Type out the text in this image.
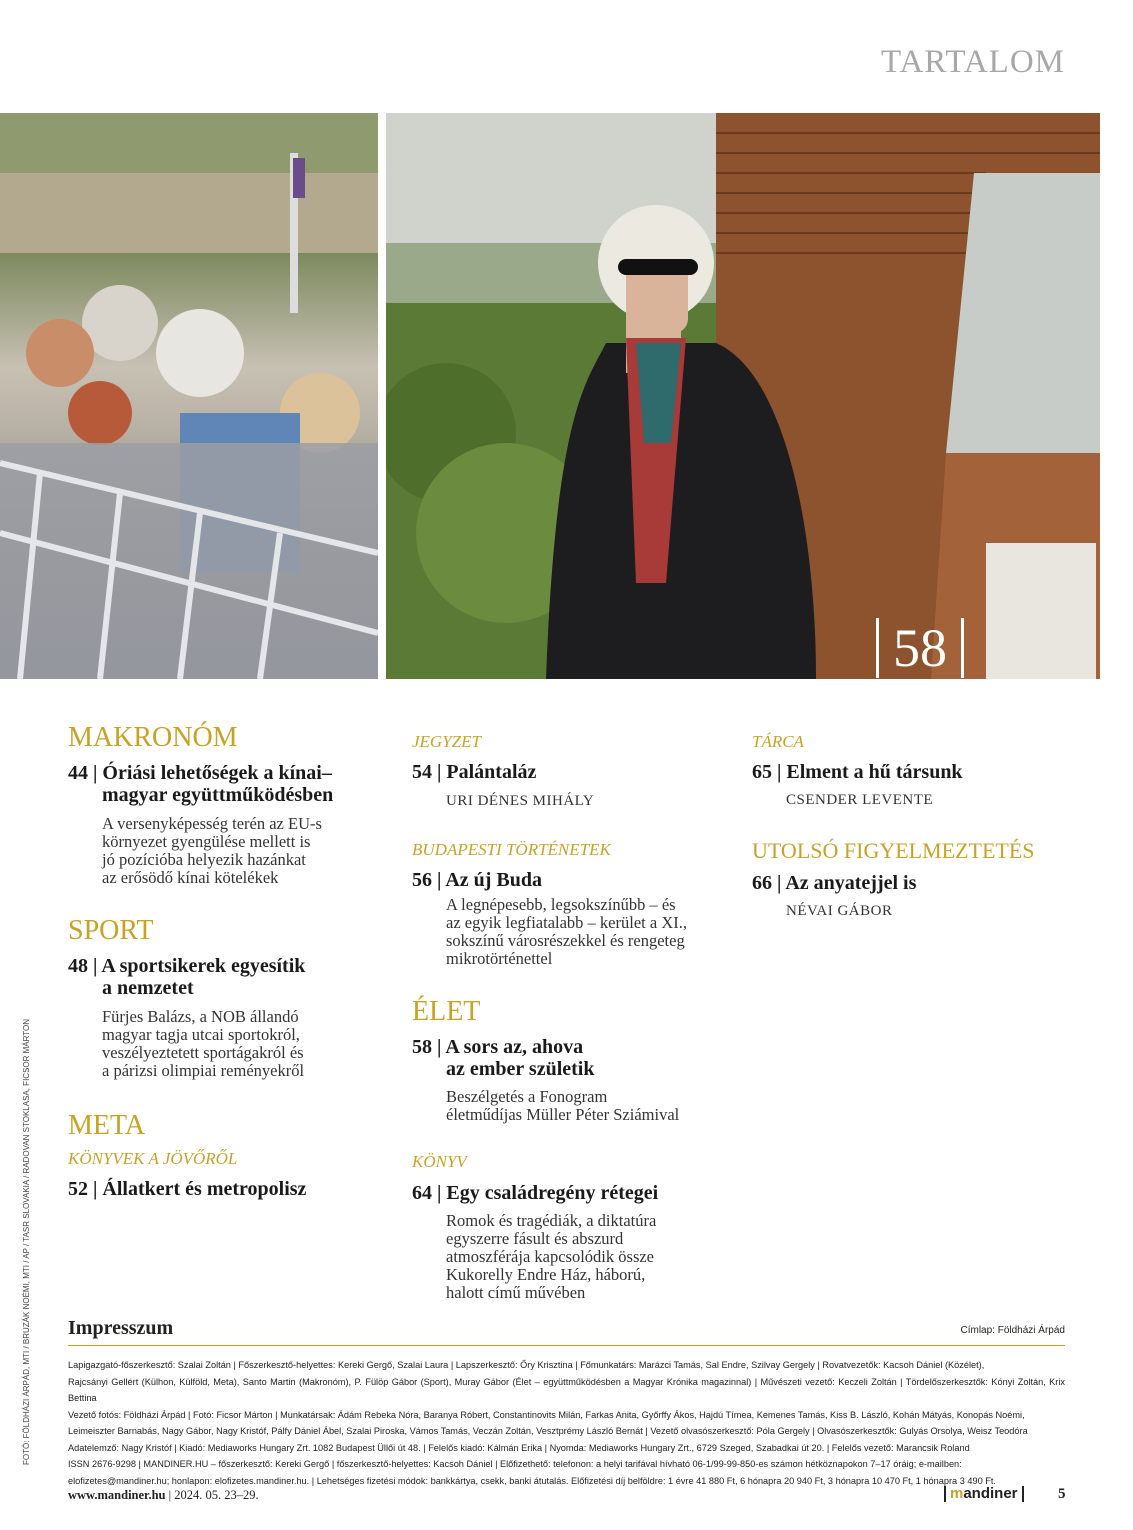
TARTALOM
58
MAKRONÓM
44 | Óriási lehetőségek a kínai–
magyar együttműködésben
A versenyképesség terén az EU-s
környezet gyengülése mellett is
jó pozícióba helyezik hazánkat
az erősödő kínai kötelékek
SPORT
48 | A sportsikerek egyesítik
a nemzetet
Fürjes Balázs, a NOB állandó
magyar tagja utcai sportokról,
veszélyeztetett sportágakról és
a párizsi olimpiai reményekről
META
KÖNYVEK A JÖVŐRŐL
52 | Állatkert és metropolisz
JEGYZET
54 | Palántaláz
URI DÉNES MIHÁLY
BUDAPESTI TÖRTÉNETEK
56 | Az új Buda
A legnépesebb, legsokszínűbb – és
az egyik legfiatalabb – kerület a XI.,
sokszínű városrészekkel és rengeteg
mikrotörténettel
ÉLET
58 | A sors az, ahova
az ember születik
Beszélgetés a Fonogram
életműdíjas Müller Péter Sziámival
KÖNYV
64 | Egy családregény rétegei
Romok és tragédiák, a diktatúra
egyszerre fásult és abszurd
atmoszférája kapcsolódik össze
Kukorelly Endre Ház, háború,
halott című művében
TÁRCA
65 | Elment a hű társunk
CSENDER LEVENTE
UTOLSÓ FIGYELMEZTETÉS
66 | Az anyatejjel is
NÉVAI GÁBOR
Impresszum	Címlap: Földházi Árpád
Lapigazgató-főszerkesztő: Szalai Zoltán | Főszerkesztő-helyettes: Kereki Gergő, Szalai Laura | Lapszerkesztő: Őry Krisztina | Főmunkatárs: Marázci Tamás, Sal Endre, Szilvay Gergely | Rovatvezetők: Kacsoh Dániel (Közélet),
Rajcsányi Gellért (Külhon, Külföld, Meta), Santo Martin (Makronóm), P. Fülöp Gábor (Sport), Muray Gábor (Élet – együttműködésben a Magyar Krónika magazinnal) | Művészeti vezető: Keczeli Zoltán | Tördelőszerkesztők: Kónyi Zoltán, Krix Bettina
Vezető fotós: Földházi Árpád | Fotó: Ficsor Márton | Munkatársak: Ádám Rebeka Nóra, Baranya Róbert, Constantinovits Milán, Farkas Anita, Győrffy Ákos, Hajdú Tímea, Kemenes Tamás, Kiss B. László, Kohán Mátyás, Konopás Noémi,
Leimeiszter Barnabás, Nagy Gábor, Nagy Kristóf, Pálfy Dániel Ábel, Szalai Piroska, Vámos Tamás, Veczán Zoltán, Vesztprémy László Bernát | Vezető olvasószerkesztő: Póla Gergely | Olvasószerkesztők: Gulyás Orsolya, Weisz Teodóra
Adatelemző: Nagy Kristóf | Kiadó: Mediaworks Hungary Zrt. 1082 Budapest Üllői út 48. | Felelős kiadó: Kálmán Erika | Nyomda: Mediaworks Hungary Zrt., 6729 Szeged, Szabadkai út 20. | Felelős vezető: Marancsik Roland
ISSN 2676-9298 | MANDINER.HU – főszerkesztő: Kereki Gergő | főszerkesztő-helyettes: Kacsoh Dániel | Előfizethető: telefonon: a helyi tarifával hívható 06-1/99-99-850-es számon hétköznapokon 7–17 óráig; e-mailben:
elofizetes@mandiner.hu; honlapon: elofizetes.mandiner.hu. | Lehetséges fizetési módok: bankkártya, csekk, banki átutalás. Előfizetési díj belföldre: 1 évre 41 880 Ft, 6 hónapra 20 940 Ft, 3 hónapra 10 470 Ft, 1 hónapra 3 490 Ft.
FOTÓ: FÖLDHÁZI ÁRPÁD, MTI / BRUZÁK NOÉMI, MTI / AP / TASR SLOVAKIA / RADOVAN STOKLASA, FICSOR MÁRTON
www.mandiner.hu | 2024. 05. 23–29.	mandiner	5
